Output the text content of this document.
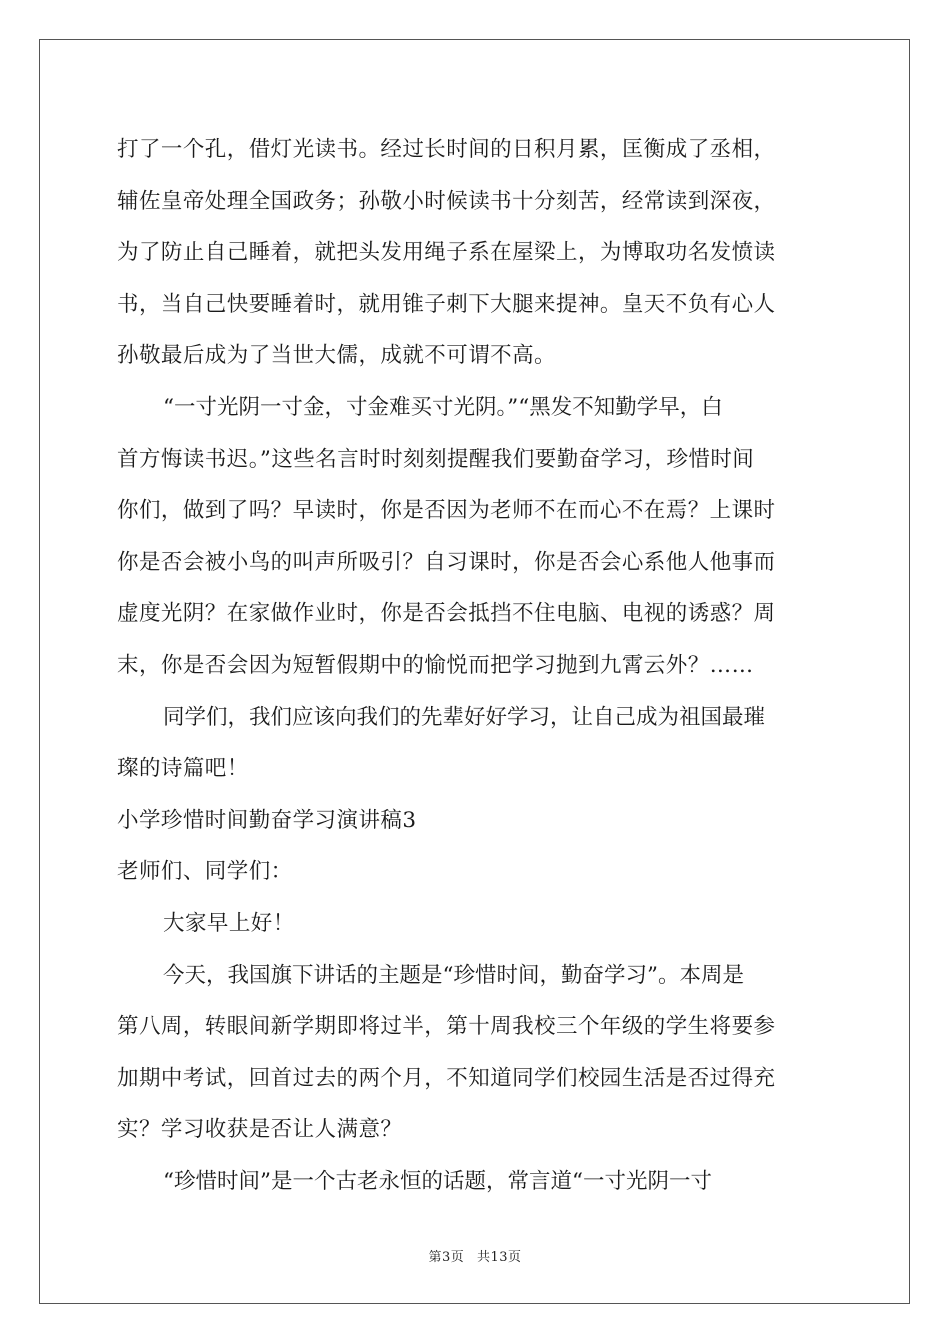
打了一个孔，借灯光读书。经过长时间的日积月累，匡衡成了丞相，
辅佐皇帝处理全国政务；孙敬小时候读书十分刻苦，经常读到深夜，
为了防止自己睡着，就把头发用绳子系在屋梁上，为博取功名发愤读
书，当自己快要睡着时，就用锥子刺下大腿来提神。皇天不负有心人
孙敬最后成为了当世大儒，成就不可谓不高。
“一寸光阴一寸金，寸金难买寸光阴。”“黑发不知勤学早，白
首方悔读书迟。”这些名言时时刻刻提醒我们要勤奋学习，珍惜时间
你们，做到了吗？早读时，你是否因为老师不在而心不在焉？上课时
你是否会被小鸟的叫声所吸引？自习课时，你是否会心系他人他事而
虚度光阴？在家做作业时，你是否会抵挡不住电脑、电视的诱惑？周
末，你是否会因为短暂假期中的愉悦而把学习抛到九霄云外？……
同学们，我们应该向我们的先辈好好学习，让自己成为祖国最璀
璨的诗篇吧！
小学珍惜时间勤奋学习演讲稿3
老师们、同学们：
大家早上好！
今天，我国旗下讲话的主题是“珍惜时间，勤奋学习”。本周是
第八周，转眼间新学期即将过半，第十周我校三个年级的学生将要参
加期中考试，回首过去的两个月，不知道同学们校园生活是否过得充
实？学习收获是否让人满意？
“珍惜时间”是一个古老永恒的话题，常言道“一寸光阴一寸
第3页 共13页
